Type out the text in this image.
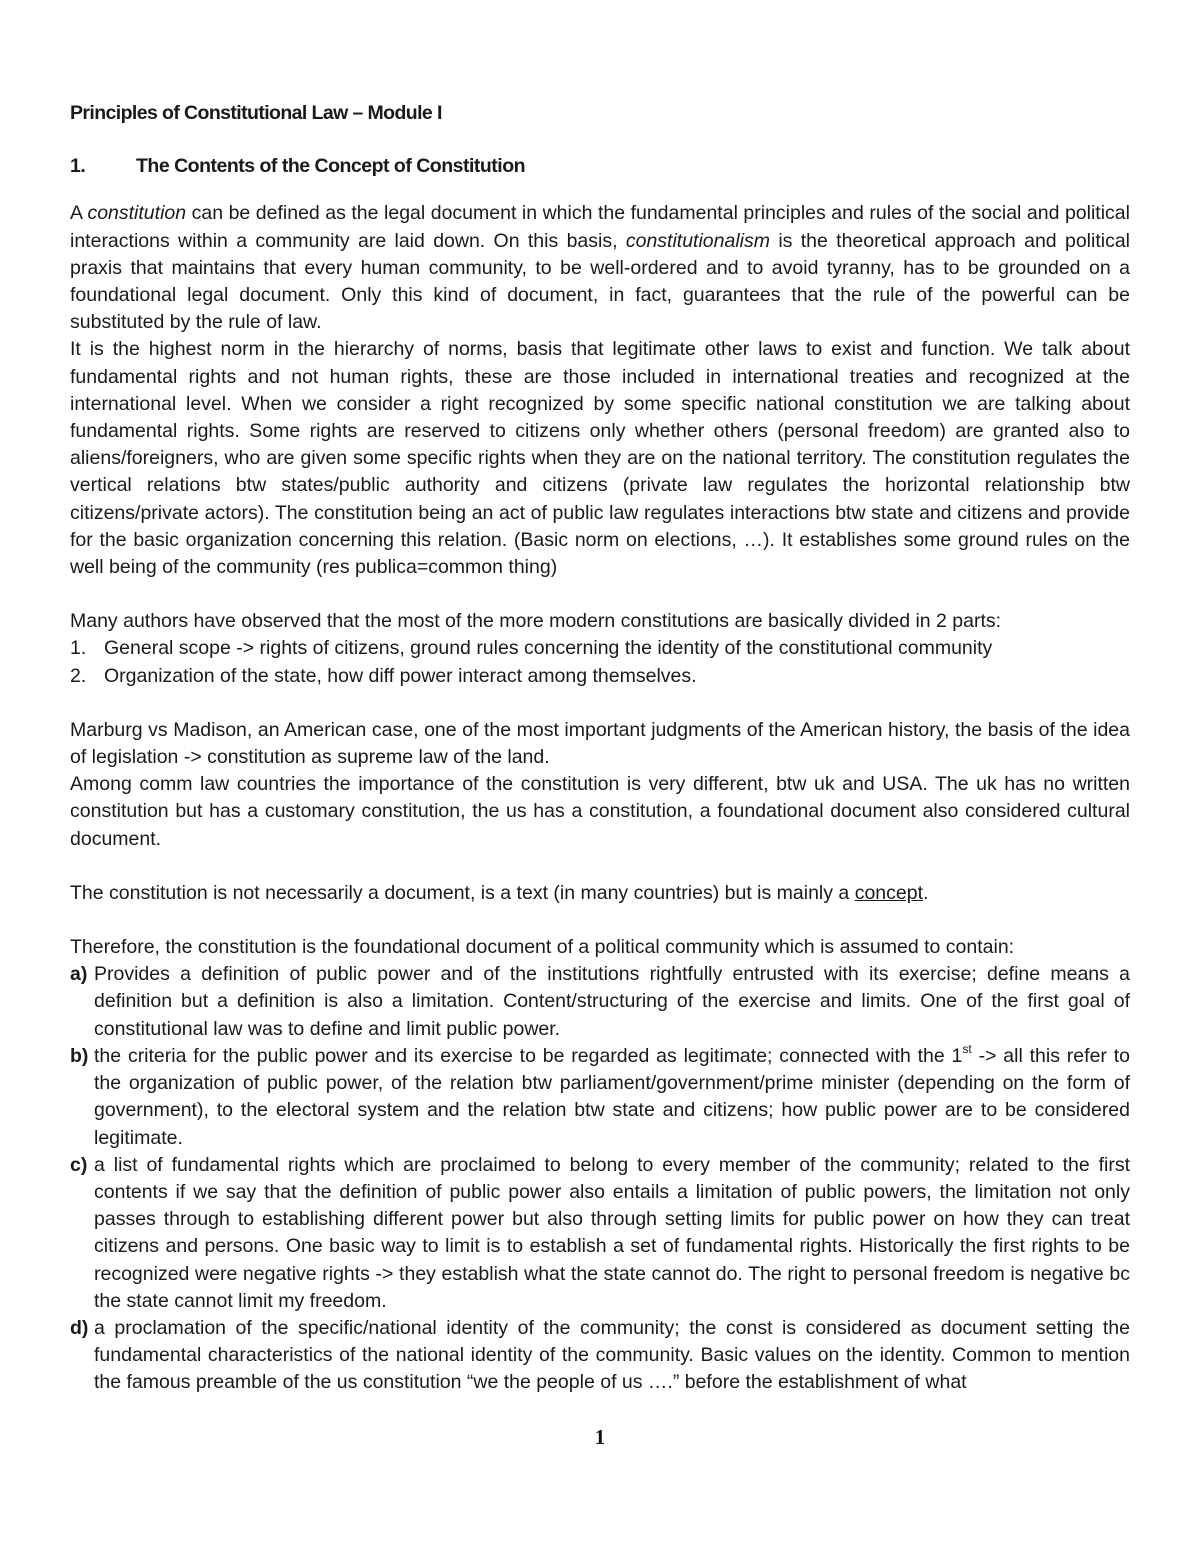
Principles of Constitutional Law – Module I

1.	The Contents of the Concept of Constitution

A constitution can be defined as the legal document in which the fundamental principles and rules of the social and political interactions within a community are laid down. On this basis, constitutionalism is the theoretical approach and political praxis that maintains that every human community, to be well-ordered and to avoid tyranny, has to be grounded on a foundational legal document. Only this kind of document, in fact, guarantees that the rule of the powerful can be substituted by the rule of law.

It is the highest norm in the hierarchy of norms, basis that legitimate other laws to exist and function. We talk about fundamental rights and not human rights, these are those included in international treaties and recognized at the international level. When we consider a right recognized by some specific national constitution we are talking about fundamental rights. Some rights are reserved to citizens only whether others (personal freedom) are granted also to aliens/foreigners, who are given some specific rights when they are on the national territory. The constitution regulates the vertical relations btw states/public authority and citizens (private law regulates the horizontal relationship btw citizens/private actors). The constitution being an act of public law regulates interactions btw state and citizens and provide for the basic organization concerning this relation. (Basic norm on elections, …). It establishes some ground rules on the well being of the community (res publica=common thing)

Many authors have observed that the most of the more modern constitutions are basically divided in 2 parts:

1. General scope -> rights of citizens, ground rules concerning the identity of the constitutional community
2. Organization of the state, how diff power interact among themselves.

Marburg vs Madison, an American case, one of the most important judgments of the American history, the basis of the idea of legislation -> constitution as supreme law of the land.

Among comm law countries the importance of the constitution is very different, btw uk and USA. The uk has no written constitution but has a customary constitution, the us has a constitution, a foundational document also considered cultural document.

The constitution is not necessarily a document, is a text (in many countries) but is mainly a concept.

Therefore, the constitution is the foundational document of a political community which is assumed to contain:

a) Provides a definition of public power and of the institutions rightfully entrusted with its exercise; define means a definition but a definition is also a limitation. Content/structuring of the exercise and limits. One of the first goal of constitutional law was to define and limit public power.
b) the criteria for the public power and its exercise to be regarded as legitimate; connected with the 1st -> all this refer to the organization of public power, of the relation btw parliament/government/prime minister (depending on the form of government), to the electoral system and the relation btw state and citizens; how public power are to be considered legitimate.
c) a list of fundamental rights which are proclaimed to belong to every member of the community; related to the first contents if we say that the definition of public power also entails a limitation of public powers, the limitation not only passes through to establishing different power but also through setting limits for public power on how they can treat citizens and persons. One basic way to limit is to establish a set of fundamental rights. Historically the first rights to be recognized were negative rights -> they establish what the state cannot do. The right to personal freedom is negative bc the state cannot limit my freedom.
d) a proclamation of the specific/national identity of the community; the const is considered as document setting the fundamental characteristics of the national identity of the community. Basic values on the identity. Common to mention the famous preamble of the us constitution “we the people of us ….” before the establishment of what
1
